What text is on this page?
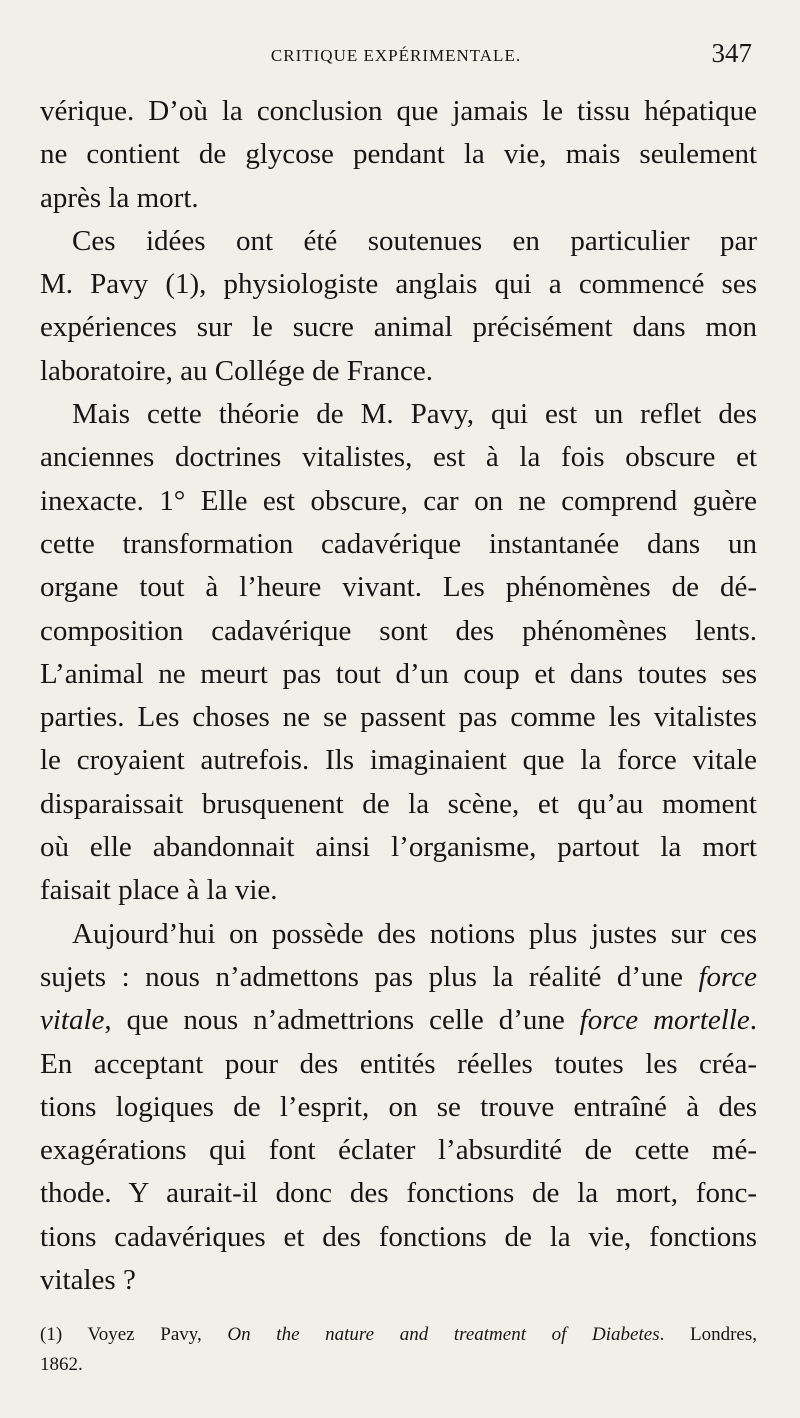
CRITIQUE EXPÉRIMENTALE.	347
vérique. D’où la conclusion que jamais le tissu hépatique
ne contient de glycose pendant la vie, mais seulement
après la mort.
Ces idées ont été soutenues en particulier par
M. Pavy (1), physiologiste anglais qui a commencé ses
expériences sur le sucre animal précisément dans mon
laboratoire, au Collége de France.
Mais cette théorie de M. Pavy, qui est un reflet des
anciennes doctrines vitalistes, est à la fois obscure et
inexacte. 1° Elle est obscure, car on ne comprend guère
cette transformation cadavérique instantanée dans un
organe tout à l’heure vivant. Les phénomènes de dé-
composition cadavérique sont des phénomènes lents.
L’animal ne meurt pas tout d’un coup et dans toutes ses
parties. Les choses ne se passent pas comme les vitalistes
le croyaient autrefois. Ils imaginaient que la force vitale
disparaissait brusquenent de la scène, et qu’au moment
où elle abandonnait ainsi l’organisme, partout la mort
faisait place à la vie.
Aujourd’hui on possède des notions plus justes sur ces
sujets : nous n’admettons pas plus la réalité d’une force
vitale, que nous n’admettrions celle d’une force mortelle.
En acceptant pour des entités réelles toutes les créa-
tions logiques de l’esprit, on se trouve entraîné à des
exagérations qui font éclater l’absurdité de cette mé-
thode. Y aurait-il donc des fonctions de la mort, fonc-
tions cadavériques et des fonctions de la vie, fonctions
vitales ?
(1) Voyez Pavy, On the nature and treatment of Diabetes. Londres,
1862.
